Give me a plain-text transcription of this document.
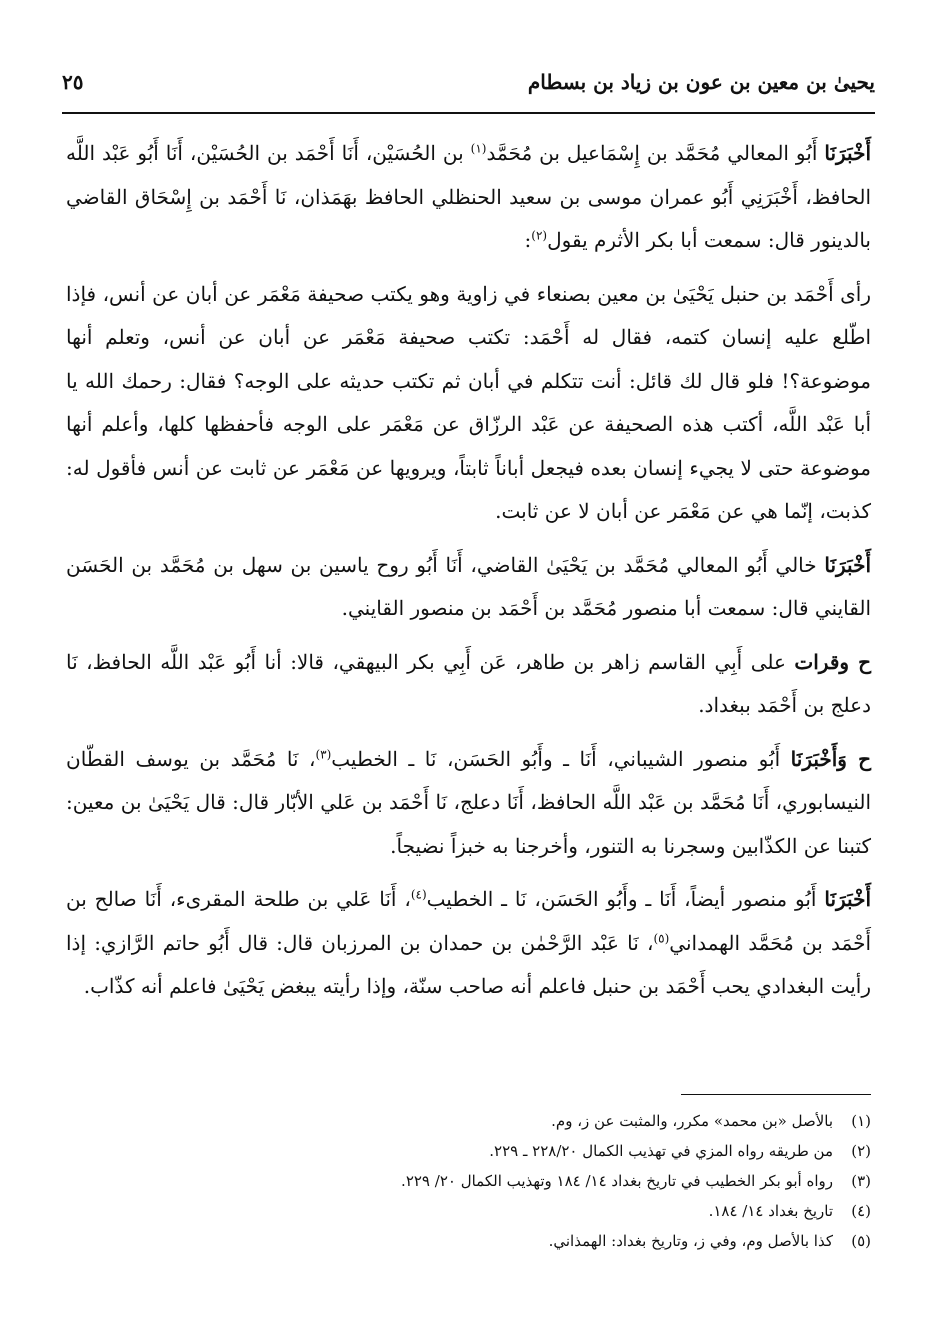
يحيىٰ بن معين بن عون بن زياد بن بسطام
٢٥

أَخْبَرَنَا أَبُو المعالي مُحَمَّد بن إِسْمَاعيل بن مُحَمَّد$^{(١)}$ بن الحُسَيْن، أَنَا أَحْمَد بن الحُسَيْن، أَنَا أَبُو عَبْد اللَّه الحافظ، أَخْبَرَنِي أَبُو عمران موسى بن سعيد الحنظلي الحافظ بهَمَذان، نَا أَحْمَد بن إِسْحَاق القاضي بالدينور قال: سمعت أبا بكر الأثرم يقول$^{(٢)}$:

رأى أَحْمَد بن حنبل يَحْيَىٰ بن معين بصنعاء في زاوية وهو يكتب صحيفة مَعْمَر عن أبان عن أنس، فإذا اطّلع عليه إنسان كتمه، فقال له أَحْمَد: تكتب صحيفة مَعْمَر عن أبان عن أنس، وتعلم أنها موضوعة؟! فلو قال لك قائل: أنت تتكلم في أبان ثم تكتب حديثه على الوجه؟ فقال: رحمك الله يا أبا عَبْد اللَّه، أكتب هذه الصحيفة عن عَبْد الرزّاق عن مَعْمَر على الوجه فأحفظها كلها، وأعلم أنها موضوعة حتى لا يجيء إنسان بعده فيجعل أباناً ثابتاً، ويرويها عن مَعْمَر عن ثابت عن أنس فأقول له: كذبت، إنّما هي عن مَعْمَر عن أبان لا عن ثابت.

أَخْبَرَنَا خالي أَبُو المعالي مُحَمَّد بن يَحْيَىٰ القاضي، أَنَا أَبُو روح ياسين بن سهل بن مُحَمَّد بن الحَسَن القايني قال: سمعت أبا منصور مُحَمَّد بن أَحْمَد بن منصور القايني.

ح وقرات على أَبِي القاسم زاهر بن طاهر، عَن أَبِي بكر البيهقي، قالا: أنا أَبُو عَبْد اللَّه الحافظ، نَا دعلج بن أَحْمَد ببغداد.

ح وَأَخْبَرَنَا أَبُو منصور الشيباني، أَنَا ـ وأَبُو الحَسَن، نَا ـ الخطيب$^{(٣)}$، نَا مُحَمَّد بن يوسف القطّان النيسابوري، أَنَا مُحَمَّد بن عَبْد اللَّه الحافظ، أَنَا دعلج، نَا أَحْمَد بن عَلي الأبّار قال: قال يَحْيَىٰ بن معين: كتبنا عن الكذّابين وسجرنا به التنور، وأخرجنا به خبزاً نضيجاً.

أَخْبَرَنَا أَبُو منصور أيضاً، أَنَا ـ وأَبُو الحَسَن، نَا ـ الخطيب$^{(٤)}$، أَنَا عَلي بن طلحة المقرىء، أَنَا صالح بن أَحْمَد بن مُحَمَّد الهمداني$^{(٥)}$، نَا عَبْد الرَّحْمٰن بن حمدان بن المرزبان قال: قال أَبُو حاتم الرَّازي: إذا رأيت البغدادي يحب أَحْمَد بن حنبل فاعلم أنه صاحب سنّة، وإذا رأيته يبغض يَحْيَىٰ فاعلم أنه كذّاب.

(١)
بالأصل «بن محمد» مكرر، والمثبت عن ز، وم.
(٢)
من طريقه رواه المزي في تهذيب الكمال ٢٢٨/٢٠ ـ ٢٢٩.
(٣)
رواه أبو بكر الخطيب في تاريخ بغداد ١٤/ ١٨٤ وتهذيب الكمال ٢٠/ ٢٢٩.
(٤)
تاريخ بغداد ١٤/ ١٨٤.
(٥)
كذا بالأصل وم، وفي ز، وتاريخ بغداد: الهمذاني.
